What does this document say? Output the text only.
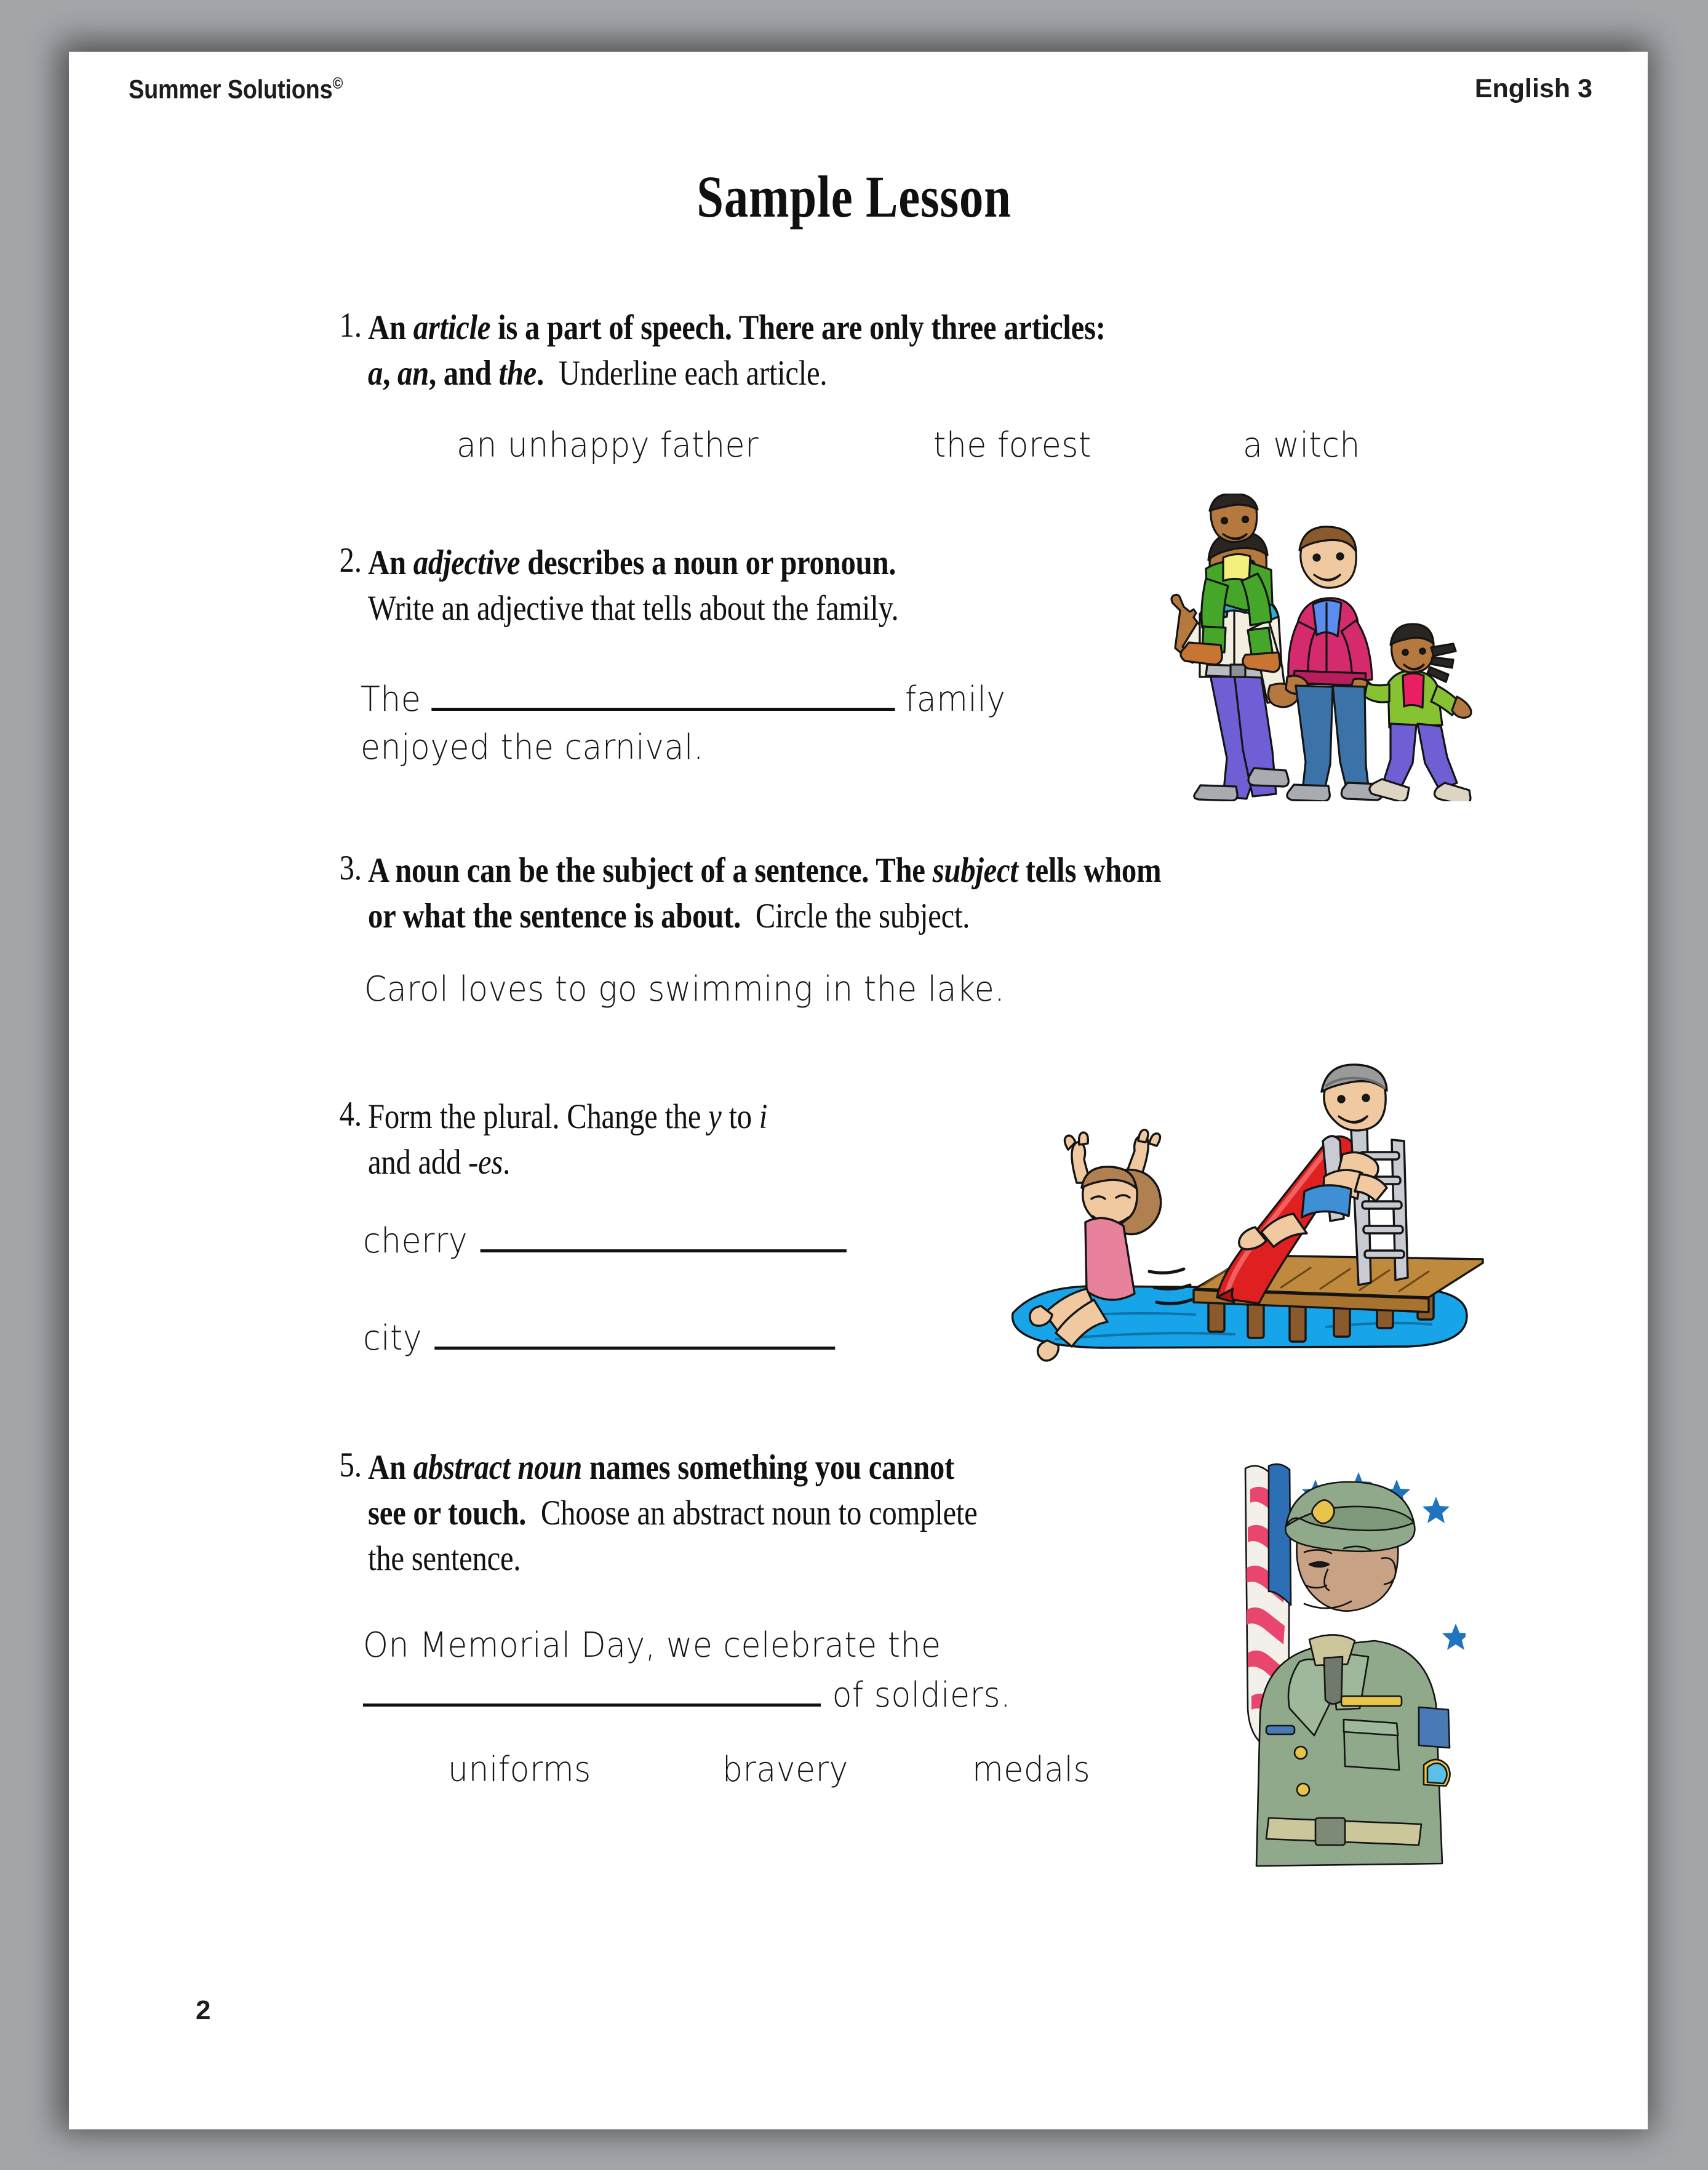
Summer Solutions©	English 3
Sample Lesson
1. An article is a part of speech. There are only three articles:
a, an, and the. Underline each article.
an unhappy father	the forest	a witch
2. An adjective describes a noun or pronoun.
Write an adjective that tells about the family.
The	family
enjoyed the carnival.
3. A noun can be the subject of a sentence. The subject tells whom
or what the sentence is about. Circle the subject.
Carol loves to go swimming in the lake.
4. Form the plural. Change the y to i
and add -es.
cherry
city
5. An abstract noun names something you cannot
see or touch. Choose an abstract noun to complete
the sentence.
On Memorial Day, we celebrate the
of soldiers.
uniforms	bravery	medals
2
